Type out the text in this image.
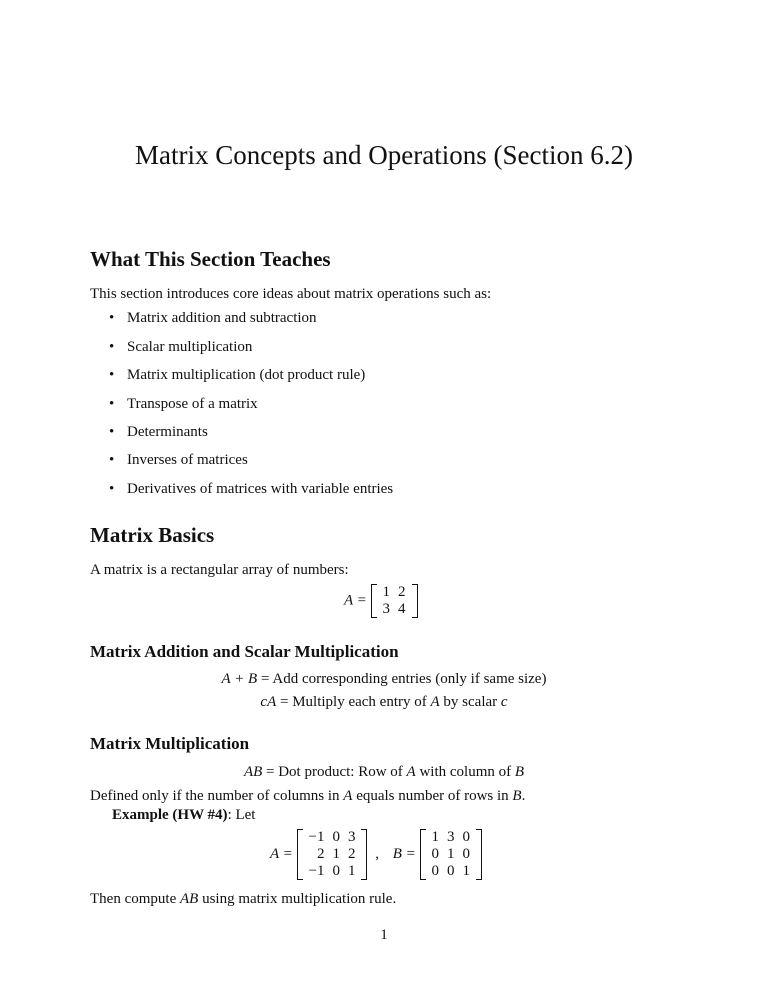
Matrix Concepts and Operations (Section 6.2)
What This Section Teaches
This section introduces core ideas about matrix operations such as:
• Matrix addition and subtraction
• Scalar multiplication
• Matrix multiplication (dot product rule)
• Transpose of a matrix
• Determinants
• Inverses of matrices
• Derivatives of matrices with variable entries
Matrix Basics
A matrix is a rectangular array of numbers:
A =
1	2
3	4
Matrix Addition and Scalar Multiplication
A + B = Add corresponding entries (only if same size)
cA = Multiply each entry of A by scalar c
Matrix Multiplication
AB = Dot product: Row of A with column of B
Defined only if the number of columns in A equals number of rows in B.
Example (HW #4): Let
A =
−1	0	3
2	1	2
−1	0	1
, B =
1	3	0
0	1	0
0	0	1
Then compute AB using matrix multiplication rule.
1
